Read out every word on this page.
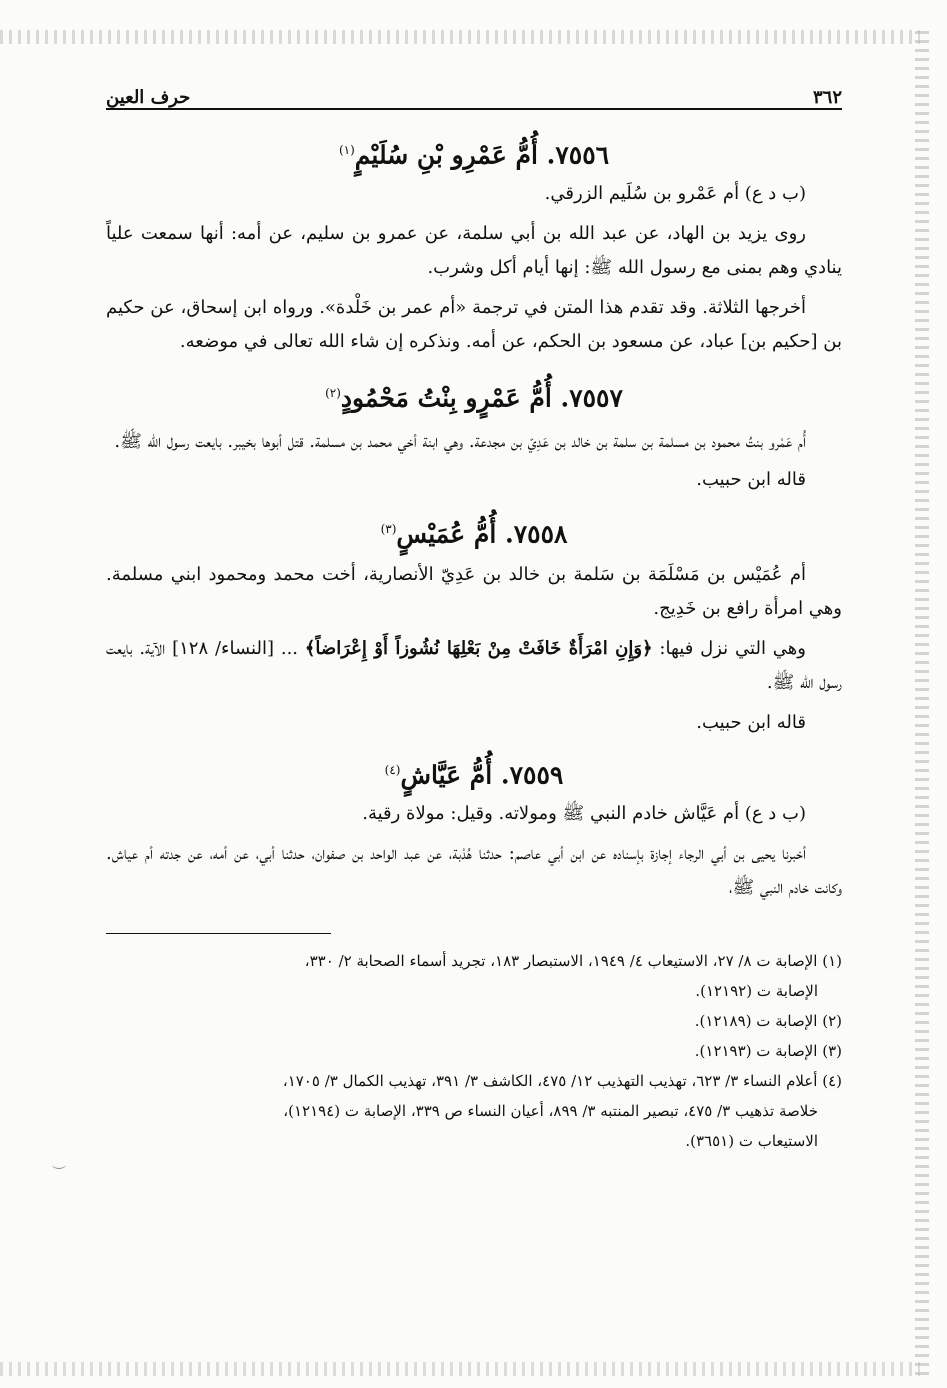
٣٦٢
حرف العين
٧٥٥٦. أُمُّ عَمْرِو بْنِ سُلَيْمٍ$^{(١)}$

(ب د ع) أم عَمْرو بن سُلَيم الزرقي.

روى يزيد بن الهاد، عن عبد الله بن أبي سلمة، عن عمرو بن سليم، عن أمه: أنها سمعت علياً ينادي وهم بمنى مع رسول الله ﷺ: إنها أيام أكل وشرب.

أخرجها الثلاثة. وقد تقدم هذا المتن في ترجمة «أم عمر بن خَلْدة». ورواه ابن إسحاق، عن حكيم بن [حكيم بن] عباد، عن مسعود بن الحكم، عن أمه. ونذكره إن شاء الله تعالى في موضعه.

٧٥٥٧. أُمُّ عَمْرٍو بِنْتُ مَحْمُودٍ$^{(٢)}$

أُم عَمْرو بنتُ محمود بن مسلمة بن سلمة بن خالد بن عَدِيّ بن مجدعة. وهي ابنة أخي محمد بن مسلمة. قتل أبوها بخيبر. بايعت رسول الله ﷺ.

قاله ابن حبيب.

٧٥٥٨. أُمُّ عُمَيْسٍ$^{(٣)}$

أم عُمَيْس بن مَسْلَمَة بن سَلمة بن خالد بن عَدِيّ الأنصارية، أخت محمد ومحمود ابني مسلمة. وهي امرأة رافع بن خَدِيج.

وهي التي نزل فيها: ﴿وَإِنِ امْرَأَةٌ خَافَتْ مِنْ بَعْلِهَا نُشُوزاً أَوْ إِعْرَاضاً﴾ ... [النساء/ ١٢٨] الآية. بايعت رسول الله ﷺ.

قاله ابن حبيب.

٧٥٥٩. أُمُّ عَيَّاشٍ$^{(٤)}$

(ب د ع) أم عَيَّاش خادم النبي ﷺ ومولاته. وقيل: مولاة رقية.

أخبرنا يحيى بن أبي الرجاء إجازة بإسناده عن ابن أبي عاصم: حدثنا هُدْبة، عن عبد الواحد بن صفوان، حدثنا أبي، عن أمه، عن جدته أم عياش. وكانت خادم النبي ﷺ،

(١) الإصابة ت ٨/ ٢٧، الاستيعاب ٤/ ١٩٤٩، الاستبصار ١٨٣، تجريد أسماء الصحابة ٢/ ٣٣٠،

الإصابة ت (١٢١٩٢).

(٢) الإصابة ت (١٢١٨٩).

(٣) الإصابة ت (١٢١٩٣).

(٤) أعلام النساء ٣/ ٦٢٣، تهذيب التهذيب ١٢/ ٤٧٥، الكاشف ٣/ ٣٩١، تهذيب الكمال ٣/ ١٧٠٥،

خلاصة تذهيب ٣/ ٤٧٥، تبصير المنتبه ٣/ ٨٩٩، أعيان النساء ص ٣٣٩، الإصابة ت (١٢١٩٤)،

الاستيعاب ت (٣٦٥١).
